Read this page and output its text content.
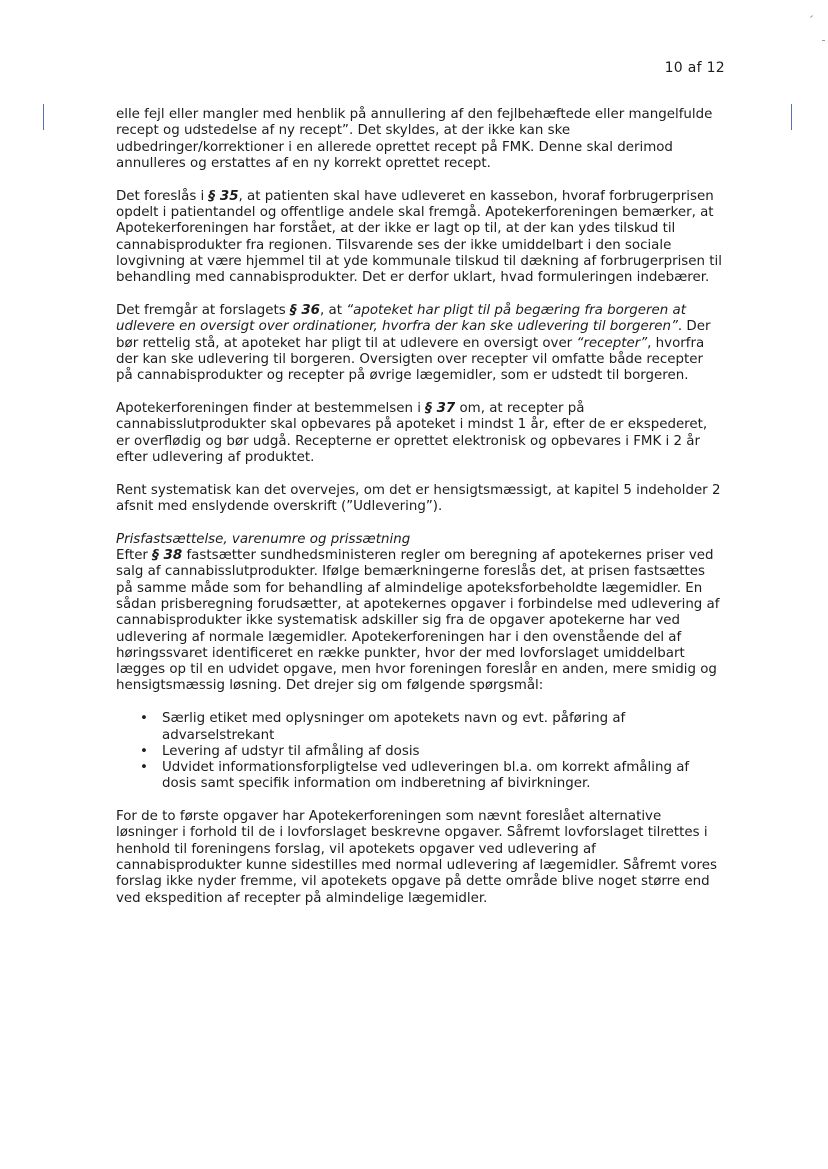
10 af 12

elle fejl eller mangler med henblik på annullering af den fejlbehæftede eller mangelfulde recept og udstedelse af ny recept”. Det skyldes, at der ikke kan ske udbedringer/korrektioner i en allerede oprettet recept på FMK. Denne skal derimod annulleres og erstattes af en ny korrekt oprettet recept.

Det foreslås i § 35, at patienten skal have udleveret en kassebon, hvoraf forbrugerprisen opdelt i patientandel og offentlige andele skal fremgå. Apotekerforeningen bemærker, at Apotekerforeningen har forstået, at der ikke er lagt op til, at der kan ydes tilskud til cannabisprodukter fra regionen. Tilsvarende ses der ikke umiddelbart i den sociale lovgivning at være hjemmel til at yde kommunale tilskud til dækning af forbrugerprisen til behandling med cannabisprodukter. Det er derfor uklart, hvad formuleringen indebærer.

Det fremgår at forslagets § 36, at “apoteket har pligt til på begæring fra borgeren at udlevere en oversigt over ordinationer, hvorfra der kan ske udlevering til borgeren”. Der bør rettelig stå, at apoteket har pligt til at udlevere en oversigt over “recepter”, hvorfra der kan ske udlevering til borgeren. Oversigten over recepter vil omfatte både recepter på cannabisprodukter og recepter på øvrige lægemidler, som er udstedt til borgeren.

Apotekerforeningen finder at bestemmelsen i § 37 om, at recepter på cannabisslutprodukter skal opbevares på apoteket i mindst 1 år, efter de er ekspederet, er overflødig og bør udgå. Recepterne er oprettet elektronisk og opbevares i FMK i 2 år efter udlevering af produktet.

Rent systematisk kan det overvejes, om det er hensigtsmæssigt, at kapitel 5 indeholder 2 afsnit med enslydende overskrift (”Udlevering”).

Prisfastsættelse, varenumre og prissætning
Efter § 38 fastsætter sundhedsministeren regler om beregning af apotekernes priser ved salg af cannabisslutprodukter. Ifølge bemærkningerne foreslås det, at prisen fastsættes på samme måde som for behandling af almindelige apoteksforbeholdte lægemidler. En sådan prisberegning forudsætter, at apotekernes opgaver i forbindelse med udlevering af cannabisprodukter ikke systematisk adskiller sig fra de opgaver apotekerne har ved udlevering af normale lægemidler. Apotekerforeningen har i den ovenstående del af høringssvaret identificeret en række punkter, hvor der med lovforslaget umiddelbart lægges op til en udvidet opgave, men hvor foreningen foreslår en anden, mere smidig og hensigtsmæssig løsning. Det drejer sig om følgende spørgsmål:

• Særlig etiket med oplysninger om apotekets navn og evt. påføring af advarselstrekant
• Levering af udstyr til afmåling af dosis
• Udvidet informationsforpligtelse ved udleveringen bl.a. om korrekt afmåling af dosis samt specifik information om indberetning af bivirkninger.

For de to første opgaver har Apotekerforeningen som nævnt foreslået alternative løsninger i forhold til de i lovforslaget beskrevne opgaver. Såfremt lovforslaget tilrettes i henhold til foreningens forslag, vil apotekets opgaver ved udlevering af cannabisprodukter kunne sidestilles med normal udlevering af lægemidler. Såfremt vores forslag ikke nyder fremme, vil apotekets opgave på dette område blive noget større end ved ekspedition af recepter på almindelige lægemidler.
